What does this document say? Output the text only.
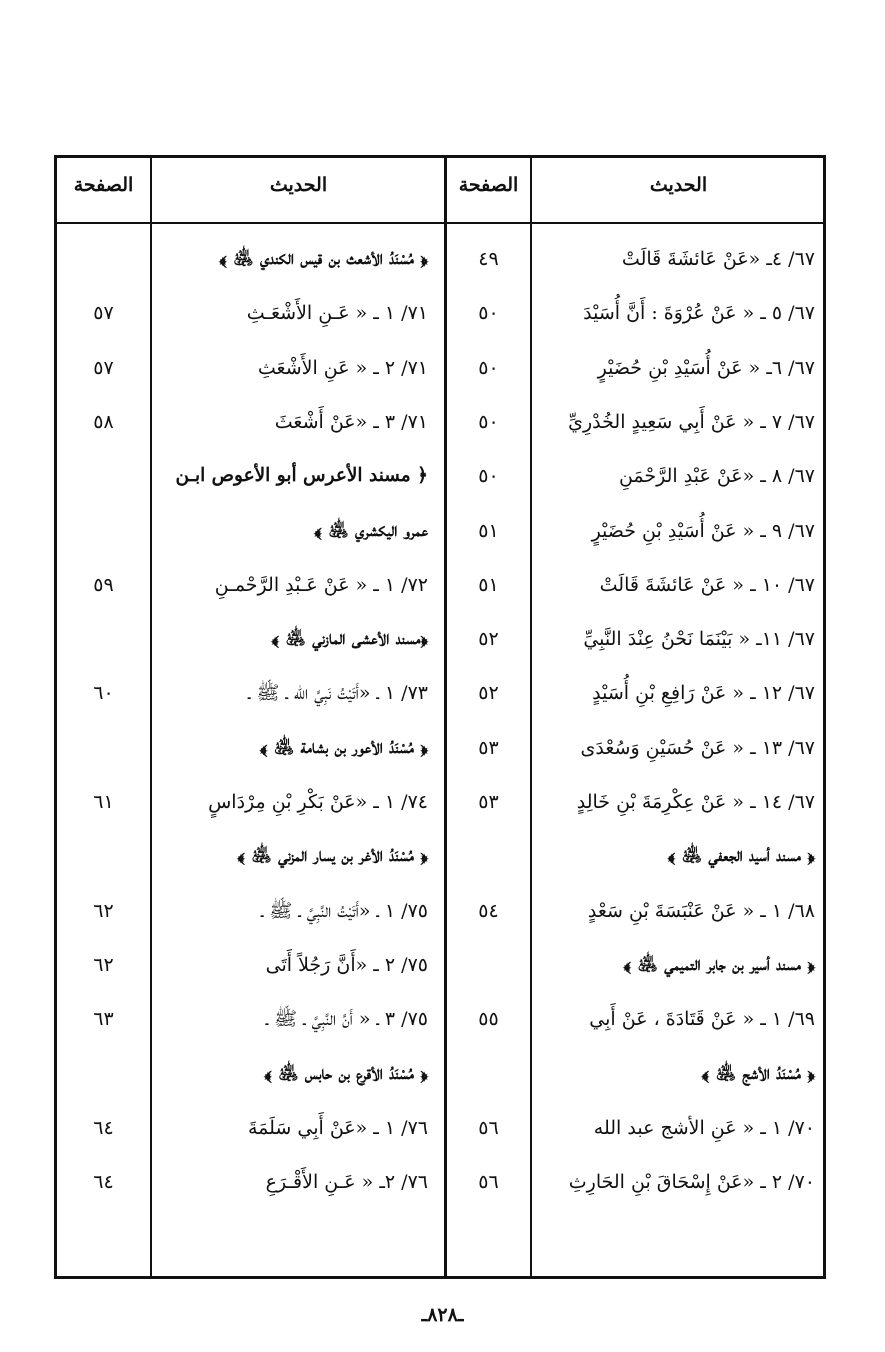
الحديث
الصفحة
الحديث
الصفحة
٦٧/ ٤ـ «عَنْ عَائشَةَ قَالَتْ
٤٩
٦٧/ ٥ ـ « عَنْ عُرْوَةَ : أَنَّ أُسَيْدَ
٥٠
٦٧/ ٦ـ « عَنْ أُسَيْدِ بْنِ حُضَيْرٍ
٥٠
٦٧/ ٧ ـ « عَنْ أَبِي سَعِيدٍ الخُدْرِيِّ
٥٠
٦٧/ ٨ ـ «عَنْ عَبْدِ الرَّحْمَنِ
٥٠
٦٧/ ٩ ـ « عَنْ أُسَيْدِ بْنِ حُضَيْرٍ
٥١
٦٧/ ١٠ ـ « عَنْ عَائشَةَ قَالَتْ
٥١
٦٧/ ١١ـ « بَيْنَمَا نَحْنُ عِنْدَ النَّبِيِّ
٥٢
٦٧/ ١٢ ـ « عَنْ رَافِعِ بْنِ أُسَيْدٍ
٥٢
٦٧/ ١٣ ـ « عَنْ حُسَيْنِ وَسُعْدَى
٥٣
٦٧/ ١٤ ـ « عَنْ عِكْرِمَةَ بْنِ خَالِدٍ
٥٣
﴿ مسند أسيد الجعفي ﵁ ﴾
٦٨/ ١ ـ « عَنْ عَنْبَسَةَ بْنِ سَعْدٍ
٥٤
﴿ مسند أسير بن جابر التميمي ﵁ ﴾
٦٩/ ١ ـ « عَنْ قَتَادَةَ ، عَنْ أَبِي
٥٥
﴿ مُسْنَدُ الأشج ﵁ ﴾
٧٠/ ١ ـ « عَنِ الأشج عبد الله
٥٦
٧٠/ ٢ ـ «عَنْ إِسْحَاقَ بْنِ الحَارِثِ
٥٦
﴿ مُسْنَدُ الأشعث بن قيس الكندي ﵁ ﴾
٧١/ ١ ـ « عَـنِ الأَشْعَـثِ
٥٧
٧١/ ٢ ـ « عَنِ الأَشْعَثِ
٥٧
٧١/ ٣ ـ «عَنْ أَشْعَثَ
٥٨
﴿ مسند الأعرس أبو الأعوص ابـن
عمرو اليكشري ﵁ ﴾
٧٢/ ١ ـ « عَنْ عَـبْدِ الرَّحْمـنِ
٥٩
﴿مسند الأعشى المازني ﵁ ﴾
٧٣/ ١ ـ «أَتَيْتُ نَبِيَّ الله ـ ﷺ ـ
٦٠
﴿ مُسْنَدُ الأعور بن بشامة ﵁ ﴾
٧٤/ ١ ـ «عَنْ بَكْرِ بْنِ مِرْدَاسٍ
٦١
﴿ مُسْنَدُ الأغر بن يسار المزني ﵁ ﴾
٧٥/ ١ ـ «أَتَيْتُ النَّبِيَّ ـ ﷺ ـ
٦٢
٧٥/ ٢ ـ «أَنَّ رَجُلاً أَتَى
٦٢
٧٥/ ٣ ـ « أَنَّ النَّبِيَّ ـ ﷺ ـ
٦٣
﴿ مُسْنَدُ الأقرع بن حابس ﵁ ﴾
٧٦/ ١ ـ «عَنْ أَبِي سَلَمَةَ
٦٤
٧٦/ ٢ـ « عَـنِ الأَقْـرَعِ
٦٤
ـ٨٢٨ـ
